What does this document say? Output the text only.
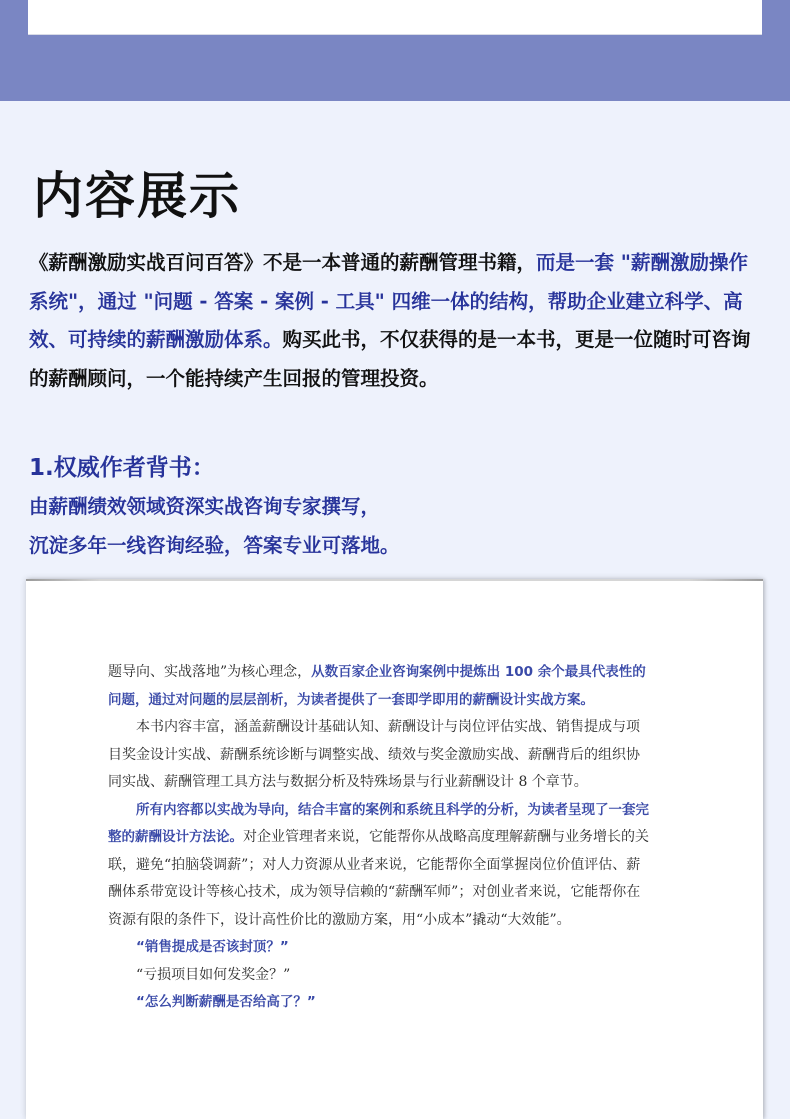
内容展示

《薪酬激励实战百问百答》不是一本普通的薪酬管理书籍，而是一套 "薪酬激励操作系统"，通过 "问题 - 答案 - 案例 - 工具" 四维一体的结构，帮助企业建立科学、高效、可持续的薪酬激励体系。购买此书，不仅获得的是一本书，更是一位随时可咨询的薪酬顾问，一个能持续产生回报的管理投资。

1.权威作者背书：

由薪酬绩效领域资深实战咨询专家撰写，

沉淀多年一线咨询经验，答案专业可落地。

题导向、实战落地”为核心理念，从数百家企业咨询案例中提炼出 100 余个最具代表性的问题，通过对问题的层层剖析，为读者提供了一套即学即用的薪酬设计实战方案。

本书内容丰富，涵盖薪酬设计基础认知、薪酬设计与岗位评估实战、销售提成与项目奖金设计实战、薪酬系统诊断与调整实战、绩效与奖金激励实战、薪酬背后的组织协同实战、薪酬管理工具方法与数据分析及特殊场景与行业薪酬设计 8 个章节。

所有内容都以实战为导向，结合丰富的案例和系统且科学的分析，为读者呈现了一套完整的薪酬设计方法论。对企业管理者来说，它能帮你从战略高度理解薪酬与业务增长的关联，避免“拍脑袋调薪”；对人力资源从业者来说，它能帮你全面掌握岗位价值评估、薪酬体系带宽设计等核心技术，成为领导信赖的“薪酬军师”；对创业者来说，它能帮你在资源有限的条件下，设计高性价比的激励方案，用“小成本”撬动“大效能”。

“销售提成是否该封顶？”

“亏损项目如何发奖金？”

“怎么判断薪酬是否给高了？”
